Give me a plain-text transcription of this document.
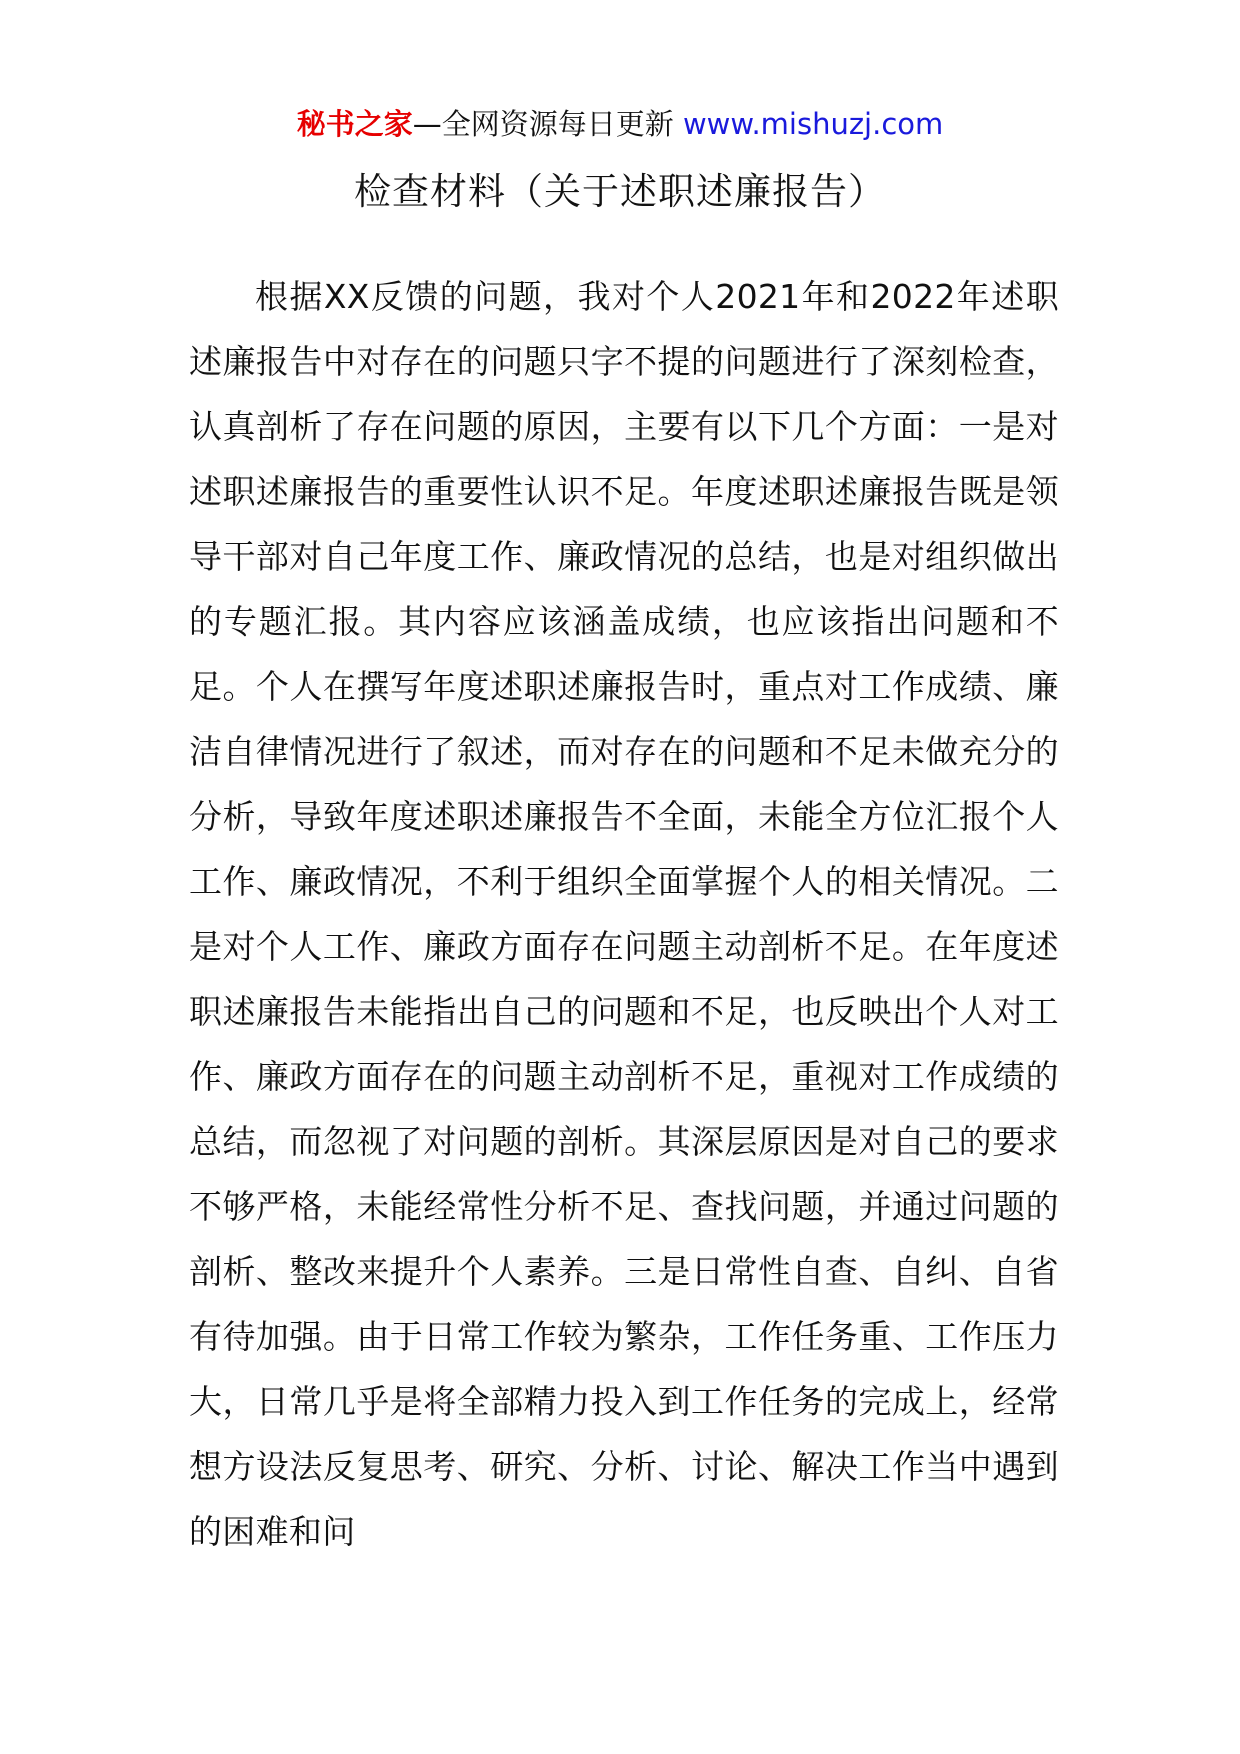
秘书之家—全网资源每日更新 www.mishuzj.com
检查材料（关于述职述廉报告）

根据XX反馈的问题，我对个人2021年和2022年述职述廉报告中对存在的问题只字不提的问题进行了深刻检查，认真剖析了存在问题的原因，主要有以下几个方面：一是对述职述廉报告的重要性认识不足。年度述职述廉报告既是领导干部对自己年度工作、廉政情况的总结，也是对组织做出的专题汇报。其内容应该涵盖成绩，也应该指出问题和不足。个人在撰写年度述职述廉报告时，重点对工作成绩、廉洁自律情况进行了叙述，而对存在的问题和不足未做充分的分析，导致年度述职述廉报告不全面，未能全方位汇报个人工作、廉政情况，不利于组织全面掌握个人的相关情况。二是对个人工作、廉政方面存在问题主动剖析不足。在年度述职述廉报告未能指出自己的问题和不足，也反映出个人对工作、廉政方面存在的问题主动剖析不足，重视对工作成绩的总结，而忽视了对问题的剖析。其深层原因是对自己的要求不够严格，未能经常性分析不足、查找问题，并通过问题的剖析、整改来提升个人素养。三是日常性自查、自纠、自省有待加强。由于日常工作较为繁杂，工作任务重、工作压力大，日常几乎是将全部精力投入到工作任务的完成上，经常想方设法反复思考、研究、分析、讨论、解决工作当中遇到的困难和问
